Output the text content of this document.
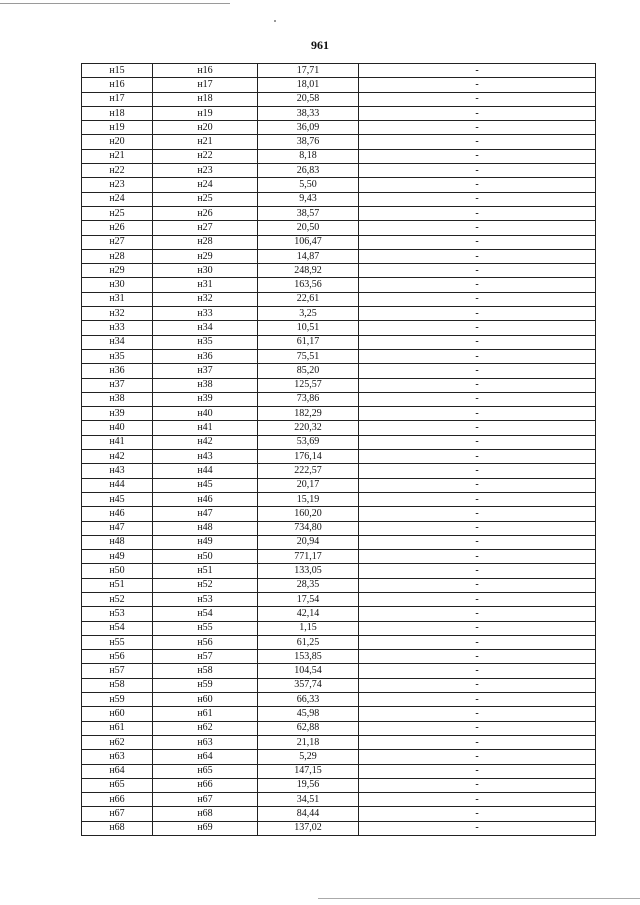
961
н15	н16	17,71	-
н16	н17	18,01	-
н17	н18	20,58	-
н18	н19	38,33	-
н19	н20	36,09	-
н20	н21	38,76	-
н21	н22	8,18	-
н22	н23	26,83	-
н23	н24	5,50	-
н24	н25	9,43	-
н25	н26	38,57	-
н26	н27	20,50	-
н27	н28	106,47	-
н28	н29	14,87	-
н29	н30	248,92	-
н30	н31	163,56	-
н31	н32	22,61	-
н32	н33	3,25	-
н33	н34	10,51	-
н34	н35	61,17	-
н35	н36	75,51	-
н36	н37	85,20	-
н37	н38	125,57	-
н38	н39	73,86	-
н39	н40	182,29	-
н40	н41	220,32	-
н41	н42	53,69	-
н42	н43	176,14	-
н43	н44	222,57	-
н44	н45	20,17	-
н45	н46	15,19	-
н46	н47	160,20	-
н47	н48	734,80	-
н48	н49	20,94	-
н49	н50	771,17	-
н50	н51	133,05	-
н51	н52	28,35	-
н52	н53	17,54	-
н53	н54	42,14	-
н54	н55	1,15	-
н55	н56	61,25	-
н56	н57	153,85	-
н57	н58	104,54	-
н58	н59	357,74	-
н59	н60	66,33	-
н60	н61	45,98	-
н61	н62	62,88	-
н62	н63	21,18	-
н63	н64	5,29	-
н64	н65	147,15	-
н65	н66	19,56	-
н66	н67	34,51	-
н67	н68	84,44	-
н68	н69	137,02	-
